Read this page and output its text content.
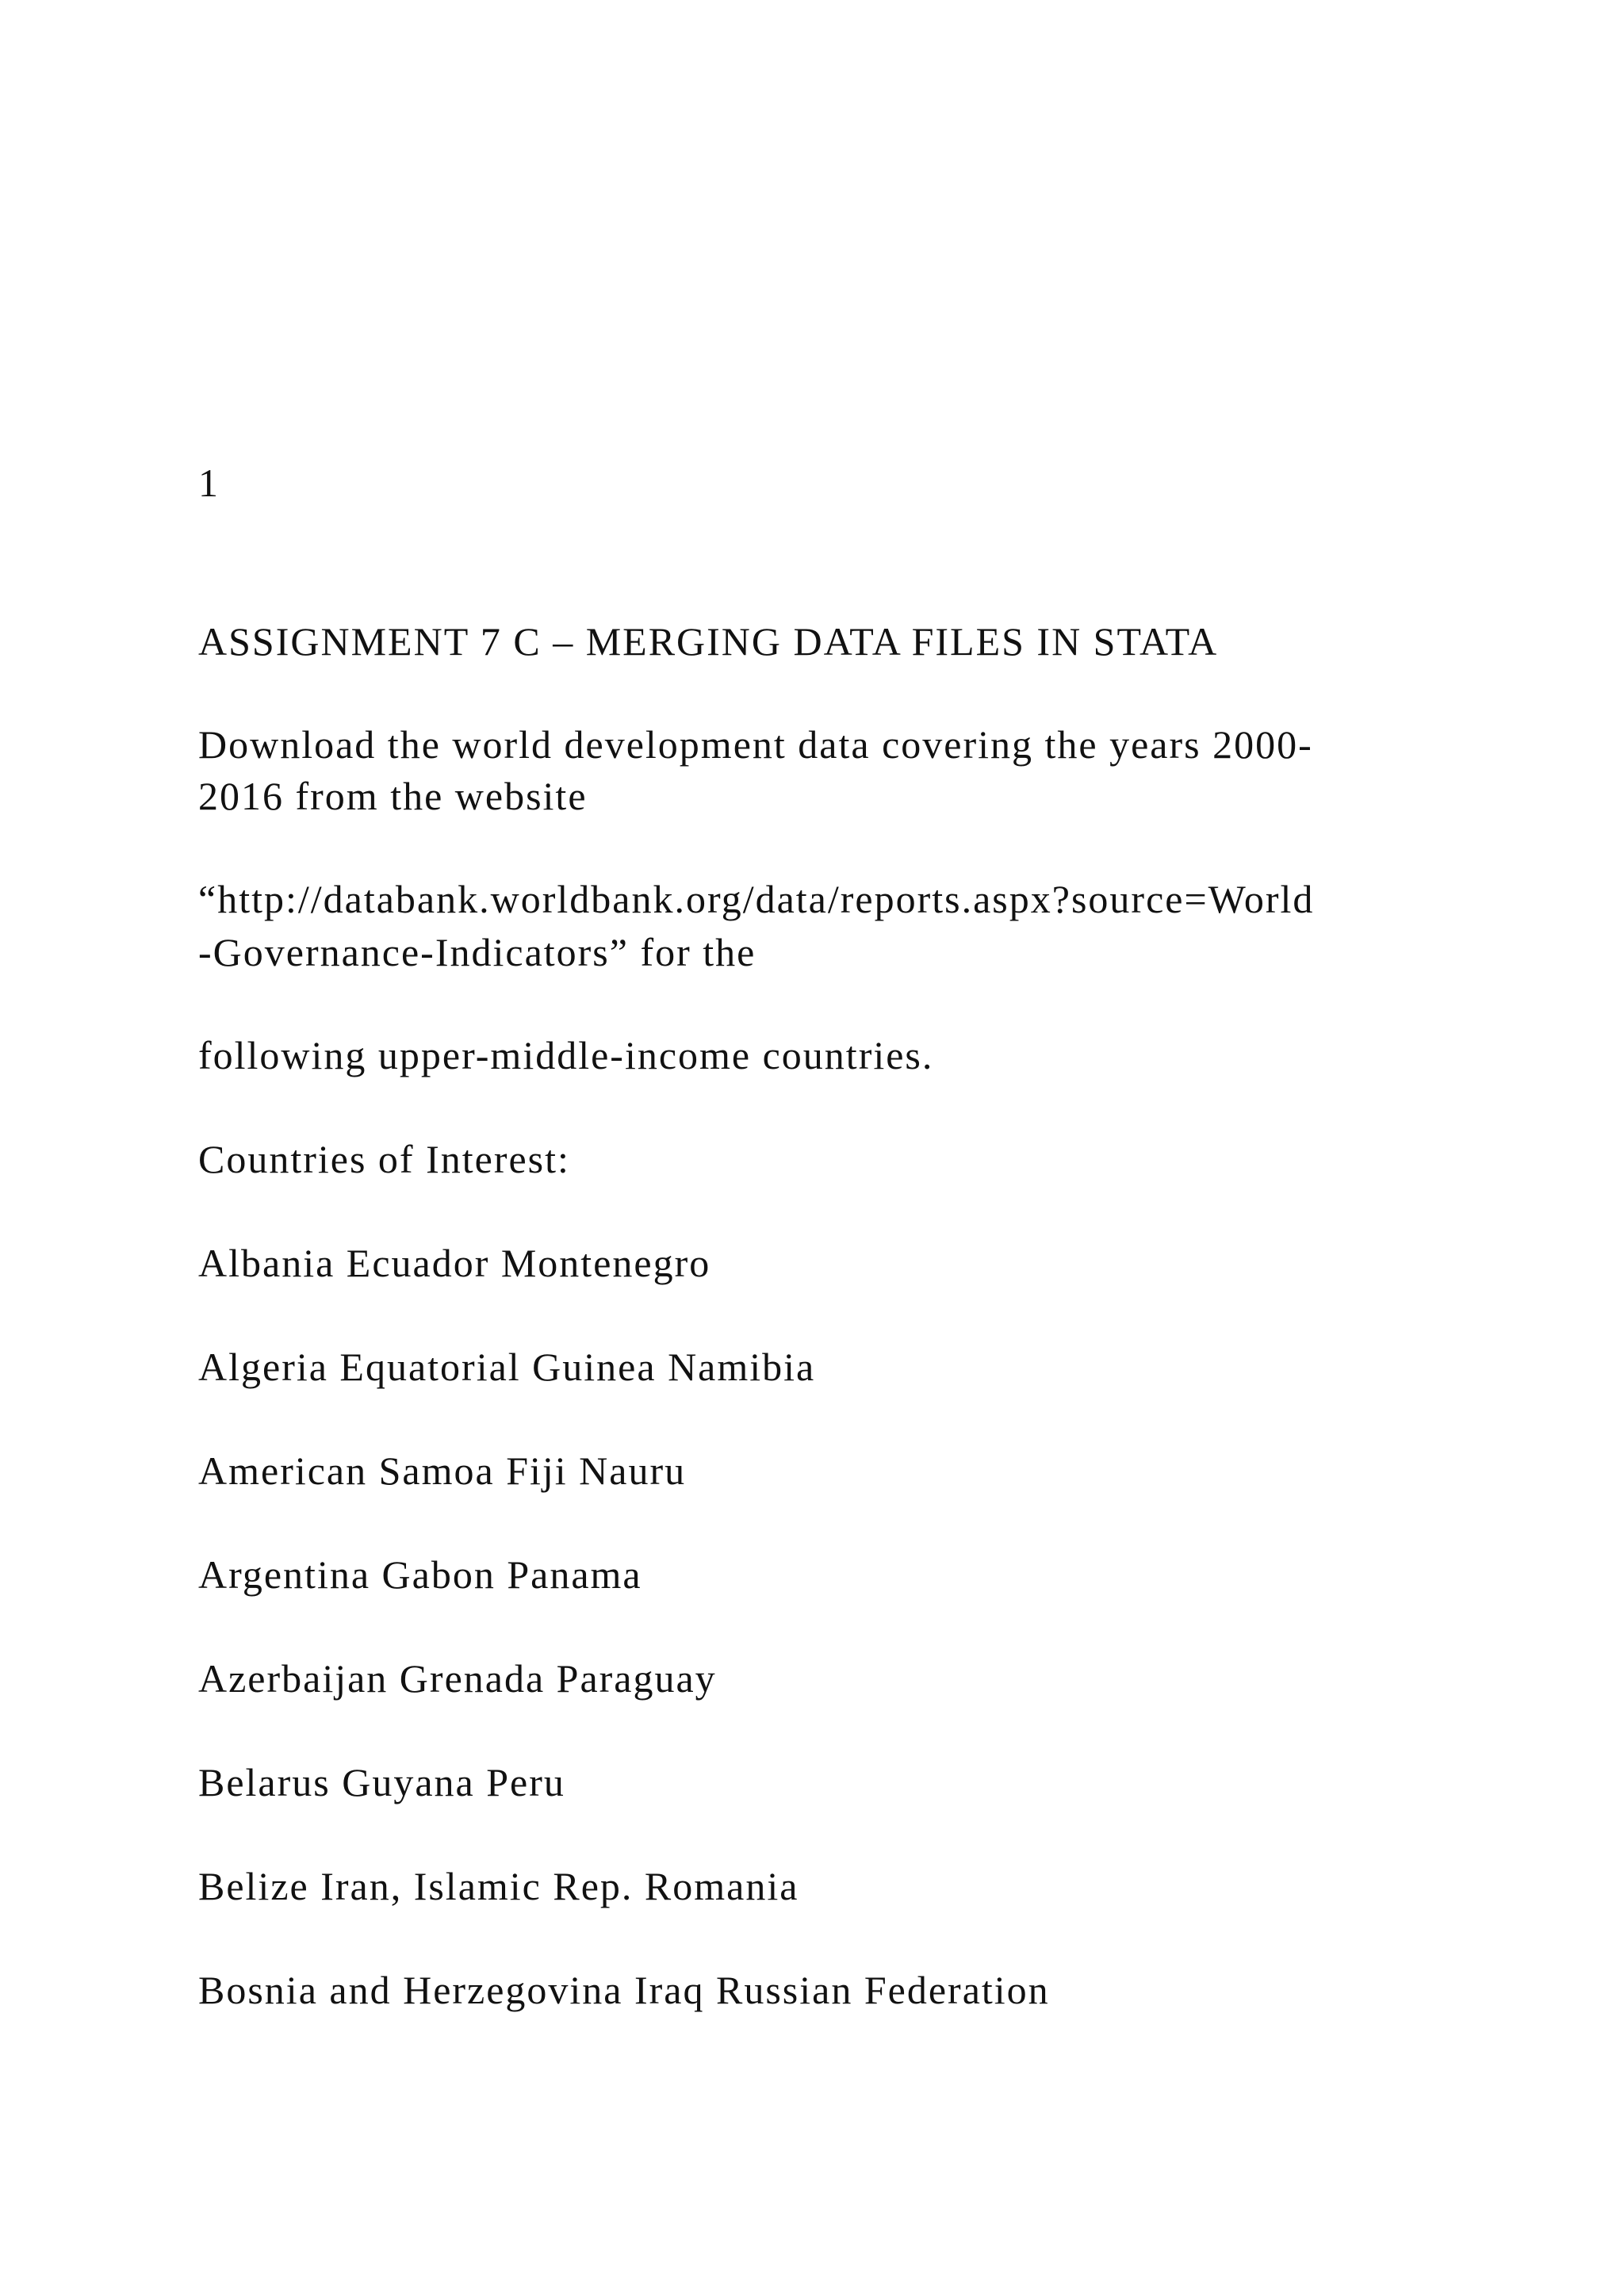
1
ASSIGNMENT 7 C – MERGING DATA FILES IN STATA
Download the world development data covering the years 2000-
2016 from the website
“http://databank.worldbank.org/data/reports.aspx?source=World
-Governance-Indicators” for the
following upper-middle-income countries.
Countries of Interest:
Albania Ecuador Montenegro
Algeria Equatorial Guinea Namibia
American Samoa Fiji Nauru
Argentina Gabon Panama
Azerbaijan Grenada Paraguay
Belarus Guyana Peru
Belize Iran, Islamic Rep. Romania
Bosnia and Herzegovina Iraq Russian Federation
